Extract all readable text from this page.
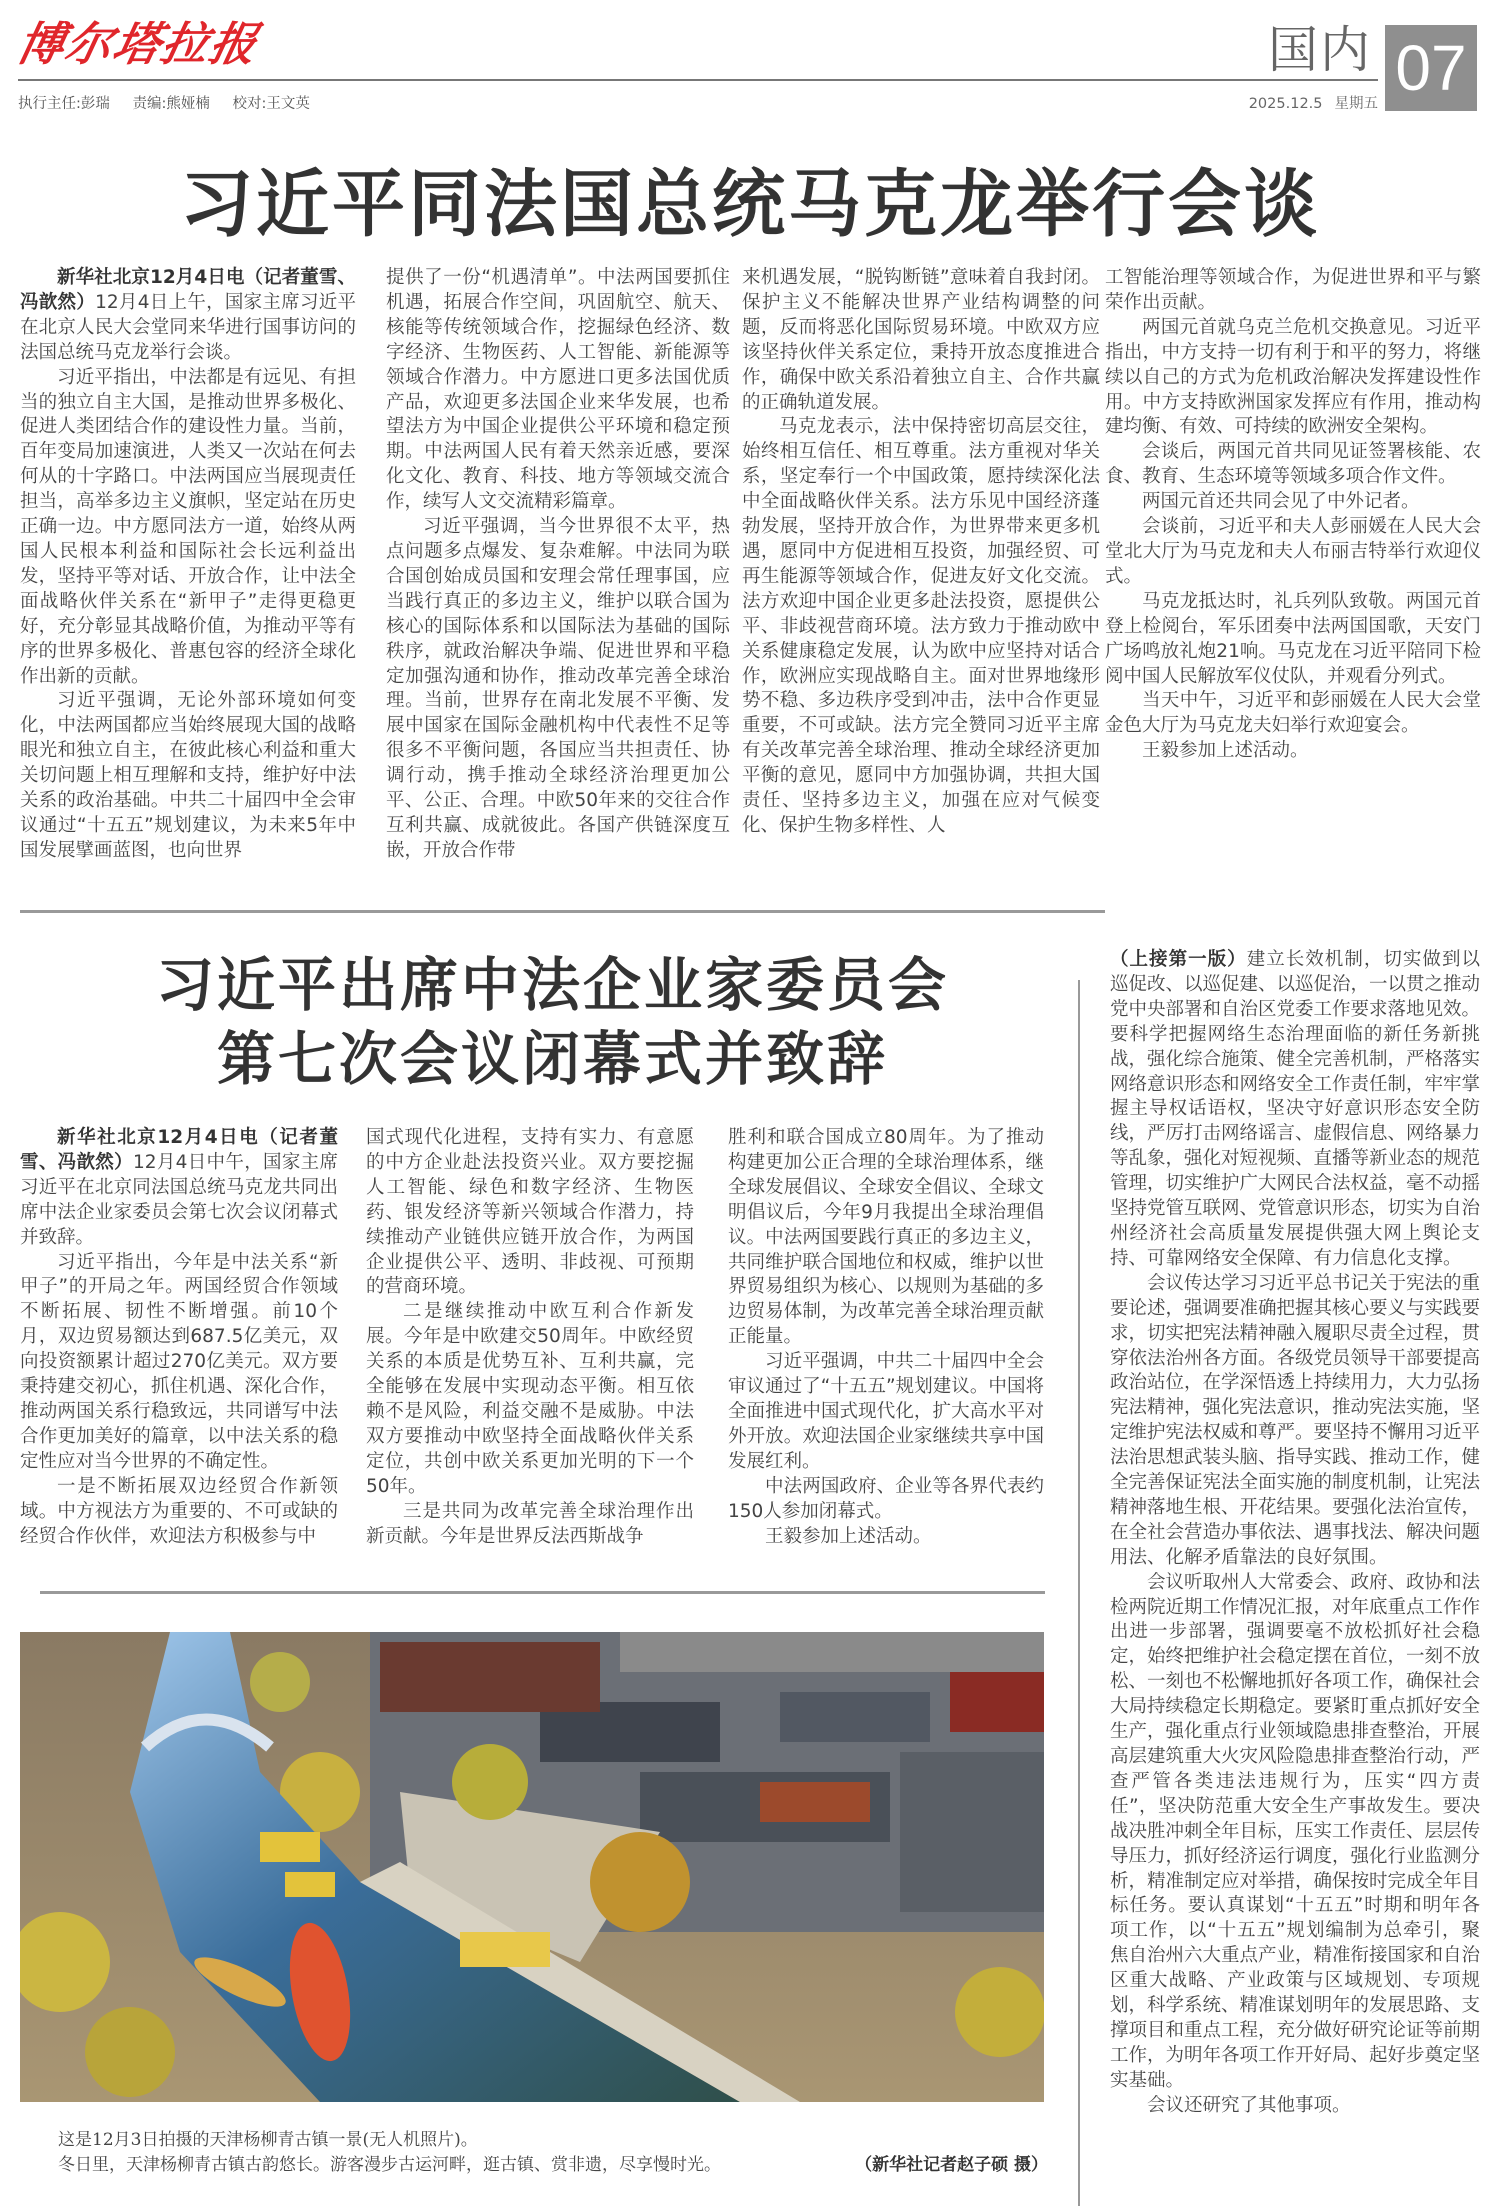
博尔塔拉报
执行主任:彭瑞 责编:熊娅楠 校对:王文英
国内
2025.12.5 星期五 07
习近平同法国总统马克龙举行会谈

新华社北京12月4日电（记者董雪、冯歆然）12月4日上午，国家主席习近平在北京人民大会堂同来华进行国事访问的法国总统马克龙举行会谈。

习近平指出，中法都是有远见、有担当的独立自主大国，是推动世界多极化、促进人类团结合作的建设性力量。当前，百年变局加速演进，人类又一次站在何去何从的十字路口。中法两国应当展现责任担当，高举多边主义旗帜，坚定站在历史正确一边。中方愿同法方一道，始终从两国人民根本利益和国际社会长远利益出发，坚持平等对话、开放合作，让中法全面战略伙伴关系在“新甲子”走得更稳更好，充分彰显其战略价值，为推动平等有序的世界多极化、普惠包容的经济全球化作出新的贡献。

习近平强调，无论外部环境如何变化，中法两国都应当始终展现大国的战略眼光和独立自主，在彼此核心利益和重大关切问题上相互理解和支持，维护好中法关系的政治基础。中共二十届四中全会审议通过“十五五”规划建议，为未来5年中国发展擘画蓝图，也向世界

提供了一份“机遇清单”。中法两国要抓住机遇，拓展合作空间，巩固航空、航天、核能等传统领域合作，挖掘绿色经济、数字经济、生物医药、人工智能、新能源等领域合作潜力。中方愿进口更多法国优质产品，欢迎更多法国企业来华发展，也希望法方为中国企业提供公平环境和稳定预期。中法两国人民有着天然亲近感，要深化文化、教育、科技、地方等领域交流合作，续写人文交流精彩篇章。

习近平强调，当今世界很不太平，热点问题多点爆发、复杂难解。中法同为联合国创始成员国和安理会常任理事国，应当践行真正的多边主义，维护以联合国为核心的国际体系和以国际法为基础的国际秩序，就政治解决争端、促进世界和平稳定加强沟通和协作，推动改革完善全球治理。当前，世界存在南北发展不平衡、发展中国家在国际金融机构中代表性不足等很多不平衡问题，各国应当共担责任、协调行动，携手推动全球经济治理更加公平、公正、合理。中欧50年来的交往合作互利共赢、成就彼此。各国产供链深度互嵌，开放合作带

来机遇发展，“脱钩断链”意味着自我封闭。保护主义不能解决世界产业结构调整的问题，反而将恶化国际贸易环境。中欧双方应该坚持伙伴关系定位，秉持开放态度推进合作，确保中欧关系沿着独立自主、合作共赢的正确轨道发展。

马克龙表示，法中保持密切高层交往，始终相互信任、相互尊重。法方重视对华关系，坚定奉行一个中国政策，愿持续深化法中全面战略伙伴关系。法方乐见中国经济蓬勃发展，坚持开放合作，为世界带来更多机遇，愿同中方促进相互投资，加强经贸、可再生能源等领域合作，促进友好文化交流。法方欢迎中国企业更多赴法投资，愿提供公平、非歧视营商环境。法方致力于推动欧中关系健康稳定发展，认为欧中应坚持对话合作，欧洲应实现战略自主。面对世界地缘形势不稳、多边秩序受到冲击，法中合作更显重要，不可或缺。法方完全赞同习近平主席有关改革完善全球治理、推动全球经济更加平衡的意见，愿同中方加强协调，共担大国责任、坚持多边主义，加强在应对气候变化、保护生物多样性、人

工智能治理等领域合作，为促进世界和平与繁荣作出贡献。

两国元首就乌克兰危机交换意见。习近平指出，中方支持一切有利于和平的努力，将继续以自己的方式为危机政治解决发挥建设性作用。中方支持欧洲国家发挥应有作用，推动构建均衡、有效、可持续的欧洲安全架构。

会谈后，两国元首共同见证签署核能、农食、教育、生态环境等领域多项合作文件。

两国元首还共同会见了中外记者。

会谈前，习近平和夫人彭丽媛在人民大会堂北大厅为马克龙和夫人布丽吉特举行欢迎仪式。

马克龙抵达时，礼兵列队致敬。两国元首登上检阅台，军乐团奏中法两国国歌，天安门广场鸣放礼炮21响。马克龙在习近平陪同下检阅中国人民解放军仪仗队，并观看分列式。

当天中午，习近平和彭丽媛在人民大会堂金色大厅为马克龙夫妇举行欢迎宴会。

王毅参加上述活动。

习近平出席中法企业家委员会
第七次会议闭幕式并致辞

新华社北京12月4日电（记者董雪、冯歆然）12月4日中午，国家主席习近平在北京同法国总统马克龙共同出席中法企业家委员会第七次会议闭幕式并致辞。

习近平指出，今年是中法关系“新甲子”的开局之年。两国经贸合作领域不断拓展、韧性不断增强。前10个月，双边贸易额达到687.5亿美元，双向投资额累计超过270亿美元。双方要秉持建交初心，抓住机遇、深化合作，推动两国关系行稳致远，共同谱写中法合作更加美好的篇章，以中法关系的稳定性应对当今世界的不确定性。

一是不断拓展双边经贸合作新领域。中方视法方为重要的、不可或缺的经贸合作伙伴，欢迎法方积极参与中

国式现代化进程，支持有实力、有意愿的中方企业赴法投资兴业。双方要挖掘人工智能、绿色和数字经济、生物医药、银发经济等新兴领域合作潜力，持续推动产业链供应链开放合作，为两国企业提供公平、透明、非歧视、可预期的营商环境。

二是继续推动中欧互利合作新发展。今年是中欧建交50周年。中欧经贸关系的本质是优势互补、互利共赢，完全能够在发展中实现动态平衡。相互依赖不是风险，利益交融不是威胁。中法双方要推动中欧坚持全面战略伙伴关系定位，共创中欧关系更加光明的下一个50年。

三是共同为改革完善全球治理作出新贡献。今年是世界反法西斯战争

胜利和联合国成立80周年。为了推动构建更加公正合理的全球治理体系，继全球发展倡议、全球安全倡议、全球文明倡议后，今年9月我提出全球治理倡议。中法两国要践行真正的多边主义，共同维护联合国地位和权威，维护以世界贸易组织为核心、以规则为基础的多边贸易体制，为改革完善全球治理贡献正能量。

习近平强调，中共二十届四中全会审议通过了“十五五”规划建议。中国将全面推进中国式现代化，扩大高水平对外开放。欢迎法国企业家继续共享中国发展红利。

中法两国政府、企业等各界代表约150人参加闭幕式。

王毅参加上述活动。

这是12月3日拍摄的天津杨柳青古镇一景(无人机照片)。
冬日里，天津杨柳青古镇古韵悠长。游客漫步古运河畔，逛古镇、赏非遗，尽享慢时光。	（新华社记者赵子硕 摄）

（上接第一版）建立长效机制，切实做到以巡促改、以巡促建、以巡促治，一以贯之推动党中央部署和自治区党委工作要求落地见效。要科学把握网络生态治理面临的新任务新挑战，强化综合施策、健全完善机制，严格落实网络意识形态和网络安全工作责任制，牢牢掌握主导权话语权，坚决守好意识形态安全防线，严厉打击网络谣言、虚假信息、网络暴力等乱象，强化对短视频、直播等新业态的规范管理，切实维护广大网民合法权益，毫不动摇坚持党管互联网、党管意识形态，切实为自治州经济社会高质量发展提供强大网上舆论支持、可靠网络安全保障、有力信息化支撑。

会议传达学习习近平总书记关于宪法的重要论述，强调要准确把握其核心要义与实践要求，切实把宪法精神融入履职尽责全过程，贯穿依法治州各方面。各级党员领导干部要提高政治站位，在学深悟透上持续用力，大力弘扬宪法精神，强化宪法意识，推动宪法实施，坚定维护宪法权威和尊严。要坚持不懈用习近平法治思想武装头脑、指导实践、推动工作，健全完善保证宪法全面实施的制度机制，让宪法精神落地生根、开花结果。要强化法治宣传，在全社会营造办事依法、遇事找法、解决问题用法、化解矛盾靠法的良好氛围。

会议听取州人大常委会、政府、政协和法检两院近期工作情况汇报，对年底重点工作作出进一步部署，强调要毫不放松抓好社会稳定，始终把维护社会稳定摆在首位，一刻不放松、一刻也不松懈地抓好各项工作，确保社会大局持续稳定长期稳定。要紧盯重点抓好安全生产，强化重点行业领域隐患排查整治，开展高层建筑重大火灾风险隐患排查整治行动，严查严管各类违法违规行为，压实“四方责任”，坚决防范重大安全生产事故发生。要决战决胜冲刺全年目标，压实工作责任、层层传导压力，抓好经济运行调度，强化行业监测分析，精准制定应对举措，确保按时完成全年目标任务。要认真谋划“十五五”时期和明年各项工作，以“十五五”规划编制为总牵引，聚焦自治州六大重点产业，精准衔接国家和自治区重大战略、产业政策与区域规划、专项规划，科学系统、精准谋划明年的发展思路、支撑项目和重点工程，充分做好研究论证等前期工作，为明年各项工作开好局、起好步奠定坚实基础。

会议还研究了其他事项。
